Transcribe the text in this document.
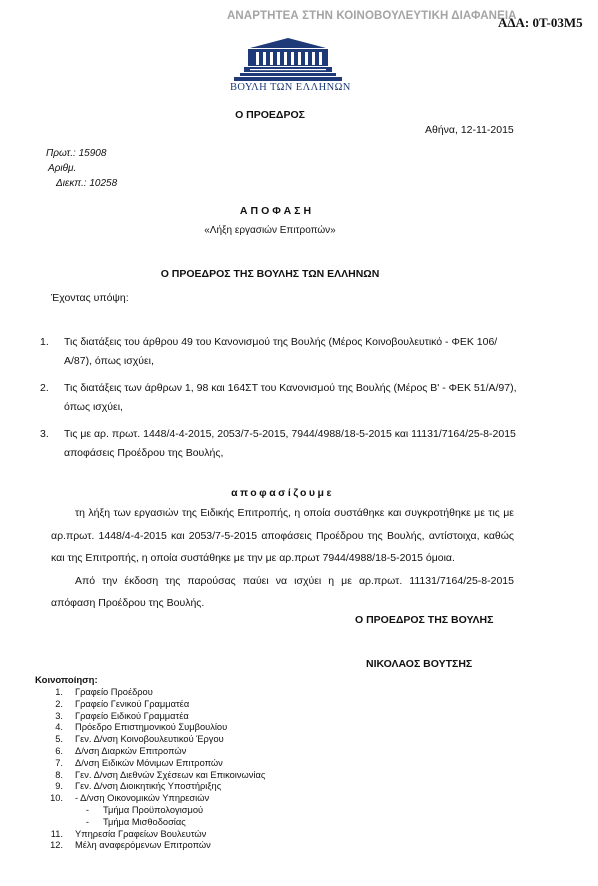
ΑΝΑΡΤΗΤΕΑ ΣΤΗΝ ΚΟΙΝΟΒΟΥΛΕΥΤΙΚΗ ΔΙΑΦΑΝΕΙΑ
ΑΔΑ: 0Τ-03Μ5
ΒΟΥΛΗ ΤΩΝ ΕΛΛΗΝΩΝ
Ο ΠΡΟΕΔΡΟΣ
Αθήνα, 12-11-2015
Πρωτ.: 15908
Αριθμ.
Διεκπ.: 10258
ΑΠΟΦΑΣΗ
«Λήξη εργασιών Επιτροπών»
Ο ΠΡΟΕΔΡΟΣ ΤΗΣ ΒΟΥΛΗΣ ΤΩΝ ΕΛΛΗΝΩΝ
Έχοντας υπόψη:
1.	Τις διατάξεις του άρθρου 49 του Κανονισμού της Βουλής (Μέρος Κοινοβουλευτικό - ΦΕΚ 106/Α/87), όπως ισχύει,
2.	Τις διατάξεις των άρθρων 1, 98 και 164ΣΤ του Κανονισμού της Βουλής (Μέρος Β' - ΦΕΚ 51/Α/97), όπως ισχύει,
3.	Τις με αρ. πρωτ. 1448/4-4-2015, 2053/7-5-2015, 7944/4988/18-5-2015 και 11131/7164/25-8-2015 αποφάσεις Προέδρου της Βουλής,
αποφασίζουμε

τη λήξη των εργασιών της Ειδικής Επιτροπής, η οποία συστάθηκε και συγκροτήθηκε με τις με αρ.πρωτ. 1448/4-4-2015 και 2053/7-5-2015 αποφάσεις Προέδρου της Βουλής, αντίστοιχα, καθώς και της Επιτροπής, η οποία συστάθηκε με την με αρ.πρωτ 7944/4988/18-5-2015 όμοια.

Από την έκδοση της παρούσας παύει να ισχύει η με αρ.πρωτ. 11131/7164/25-8-2015 απόφαση Προέδρου της Βουλής.

Ο ΠΡΟΕΔΡΟΣ ΤΗΣ ΒΟΥΛΗΣ
ΝΙΚΟΛΑΟΣ ΒΟΥΤΣΗΣ
Κοινοποίηση:
1.	Γραφείο Προέδρου
2.	Γραφείο Γενικού Γραμματέα
3.	Γραφείο Ειδικού Γραμματέα
4.	Πρόεδρο Επιστημονικού Συμβουλίου
5.	Γεν. Δ/νση Κοινοβουλευτικού Έργου
6.	Δ/νση Διαρκών Επιτροπών
7.	Δ/νση Ειδικών Μόνιμων Επιτροπών
8.	Γεν. Δ/νση Διεθνών Σχέσεων και Επικοινωνίας
9.	Γεν. Δ/νση Διοικητικής Υποστήριξης
10.	- Δ/νση Οικονομικών Υπηρεσιών
-	Τμήμα Προϋπολογισμού
-	Τμήμα Μισθοδοσίας
11.	Υπηρεσία Γραφείων Βουλευτών
12.	Μέλη αναφερόμενων Επιτροπών
